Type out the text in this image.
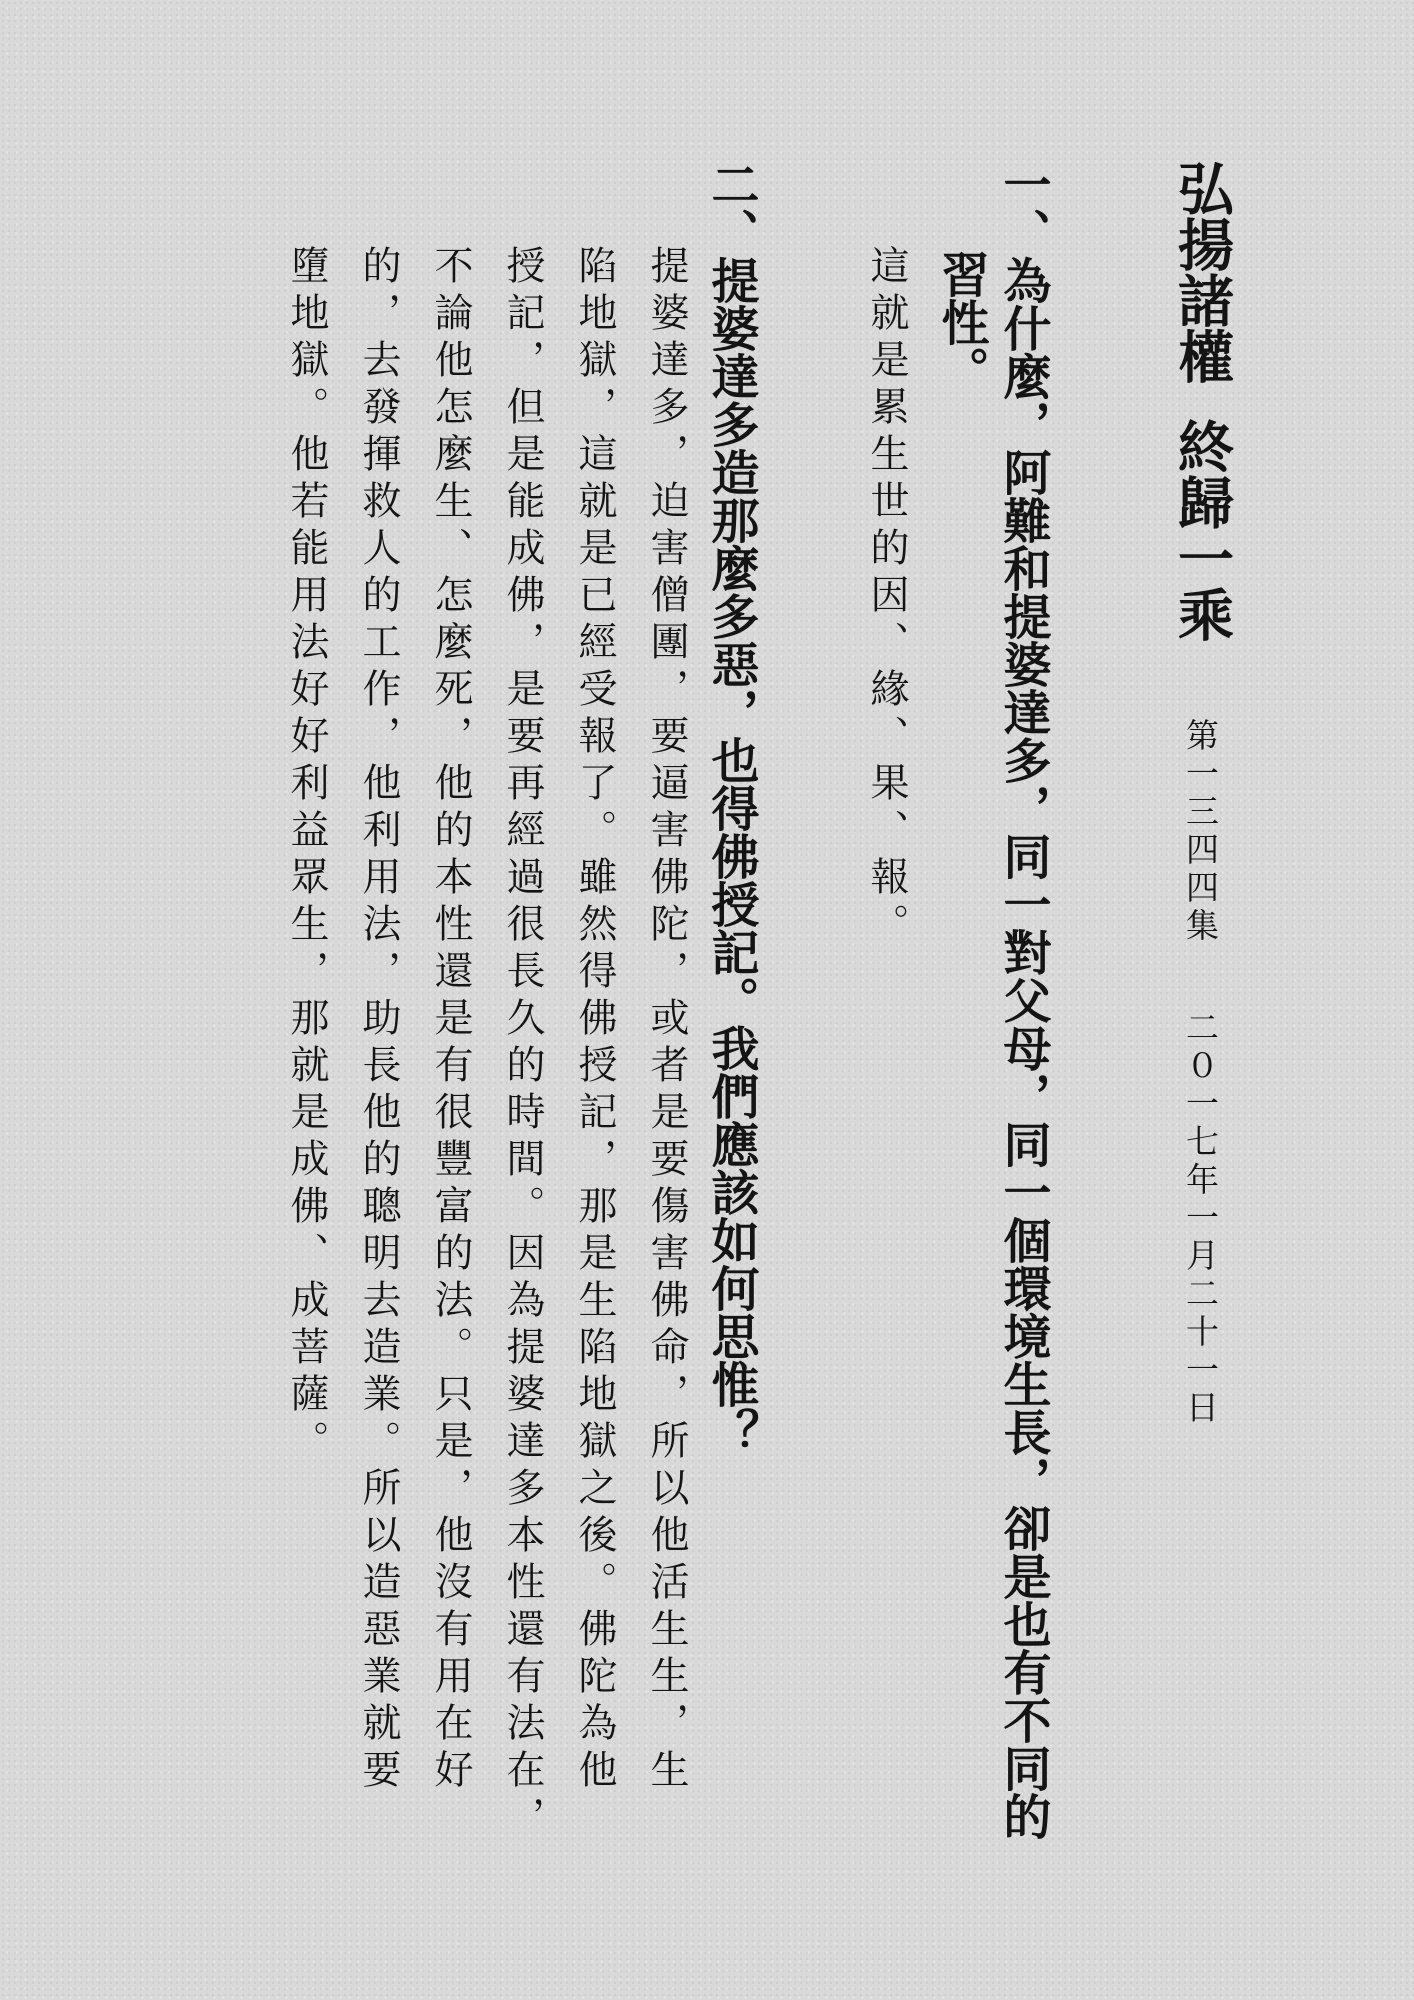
弘揚諸權終歸一乘
第一三四四集
二０一七年一月二十一日
一、為什麼，阿難和提婆達多，同一對父母，同一個環境生長，卻是也有不同的
習性。
這就是累生世的因、緣、果、報。
二、提婆達多造那麼多惡，也得佛授記。我們應該如何思惟？
提婆達多，迫害僧團，要逼害佛陀，或者是要傷害佛命，所以他活生生，生
陷地獄，這就是已經受報了。雖然得佛授記，那是生陷地獄之後。佛陀為他
授記，但是能成佛，是要再經過很長久的時間。因為提婆達多本性還有法在，
不論他怎麼生、怎麼死，他的本性還是有很豐富的法。只是，他沒有用在好
的，去發揮救人的工作，他利用法，助長他的聰明去造業。所以造惡業就要
墮地獄。他若能用法好好利益眾生，那就是成佛、成菩薩。
